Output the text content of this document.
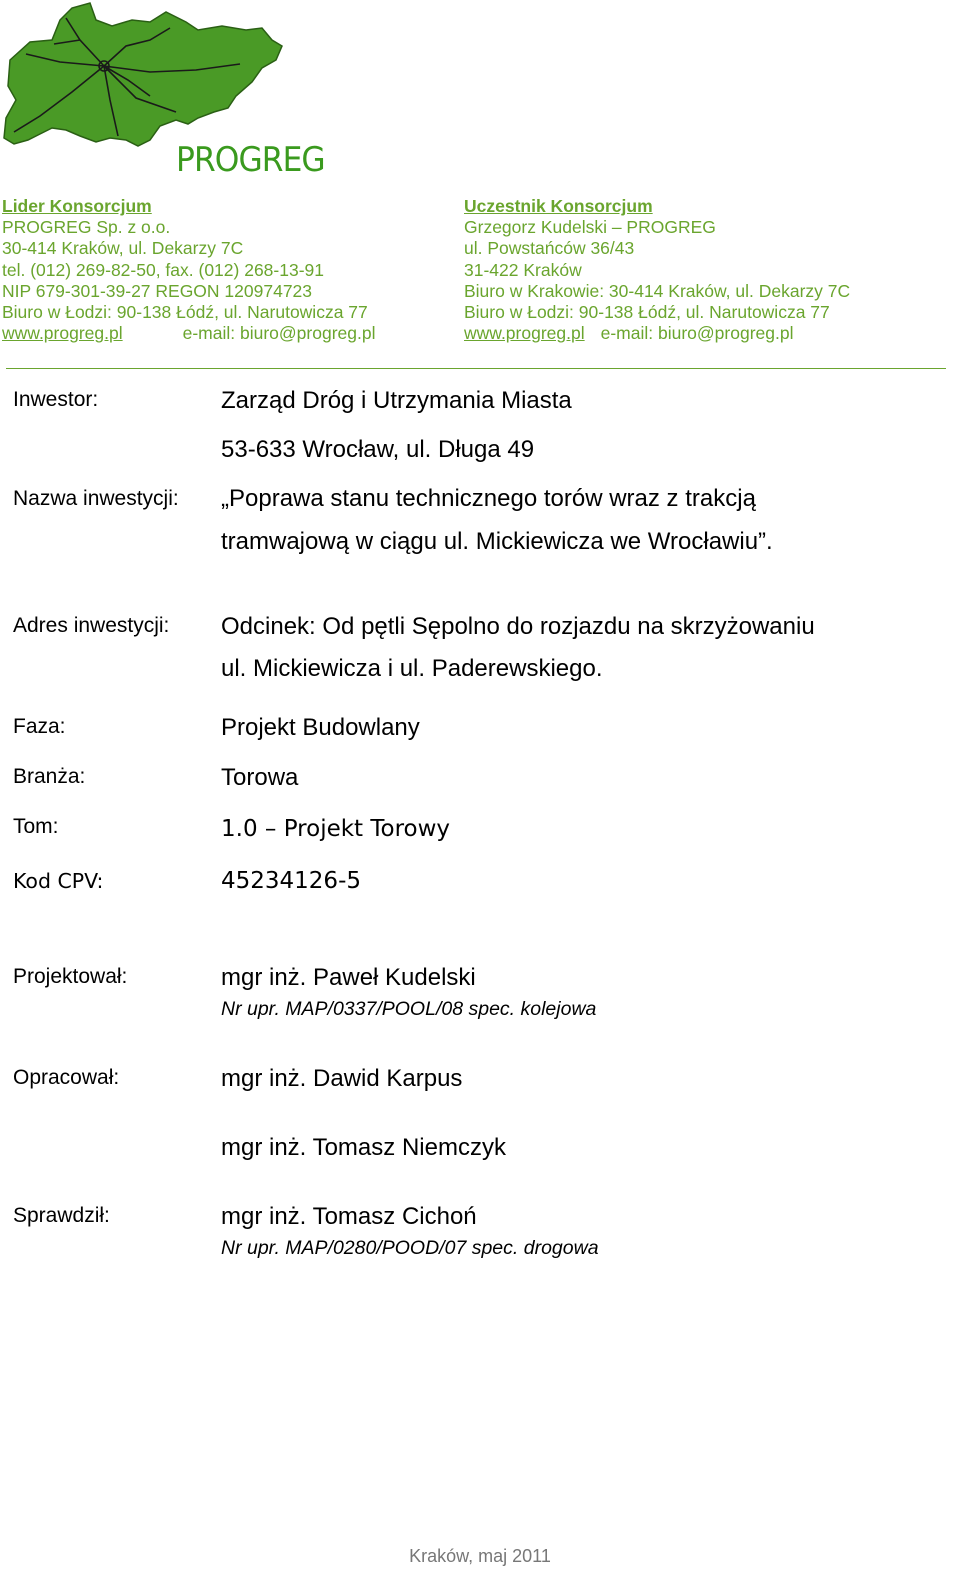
PROGREG
Lider Konsorcjum
PROGREG Sp. z o.o.
30-414 Kraków, ul. Dekarzy 7C
tel. (012) 269-82-50, fax. (012) 268-13-91
NIP 679-301-39-27 REGON 120974723
Biuro w Łodzi: 90-138 Łódź, ul. Narutowicza 77
www.progreg.pl	e-mail: biuro@progreg.pl
Uczestnik Konsorcjum
Grzegorz Kudelski – PROGREG
ul. Powstańców 36/43
31-422 Kraków
Biuro w Krakowie: 30-414 Kraków, ul. Dekarzy 7C
Biuro w Łodzi: 90-138 Łódź, ul. Narutowicza 77
www.progreg.pl e-mail: biuro@progreg.pl
Inwestor:	Zarząd Dróg i Utrzymania Miasta
53-633 Wrocław, ul. Długa 49
Nazwa inwestycji: „Poprawa stanu technicznego torów wraz z trakcją
tramwajową w ciągu ul. Mickiewicza we Wrocławiu”.
Adres inwestycji: Odcinek: Od pętli Sępolno do rozjazdu na skrzyżowaniu
ul. Mickiewicza i ul. Paderewskiego.
Faza:	Projekt Budowlany
Branża:	Torowa
Tom:	1.0 – Projekt Torowy
Kod CPV:	45234126-5
Projektował:	mgr inż. Paweł Kudelski
Nr upr. MAP/0337/POOL/08 spec. kolejowa
Opracował:	mgr inż. Dawid Karpus
mgr inż. Tomasz Niemczyk
Sprawdził:	mgr inż. Tomasz Cichoń
Nr upr. MAP/0280/POOD/07 spec. drogowa
Kraków, maj 2011
